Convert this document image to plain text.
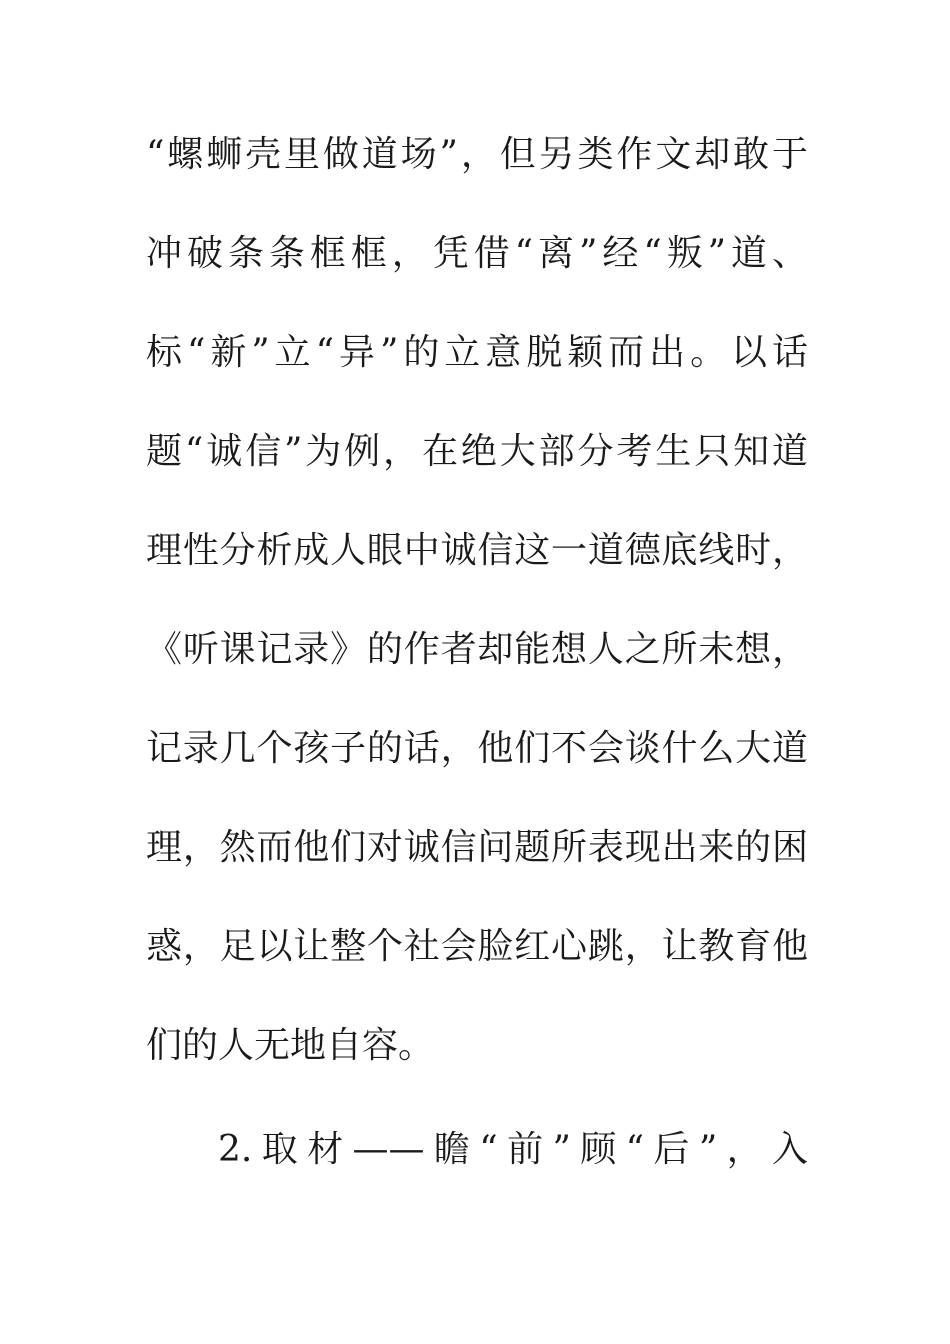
“螺蛳壳里做道场”，但另类作文却敢于
冲破条条框框，凭借“离”经“叛”道、
标“新”立“异”的立意脱颖而出。以话
题“诚信”为例，在绝大部分考生只知道
理性分析成人眼中诚信这一道德底线时，
《听课记录》的作者却能想人之所未想，
记录几个孩子的话，他们不会谈什么大道
理，然而他们对诚信问题所表现出来的困
惑，足以让整个社会脸红心跳，让教育他
们的人无地自容。
2.取材——瞻“前”顾“后”，入
